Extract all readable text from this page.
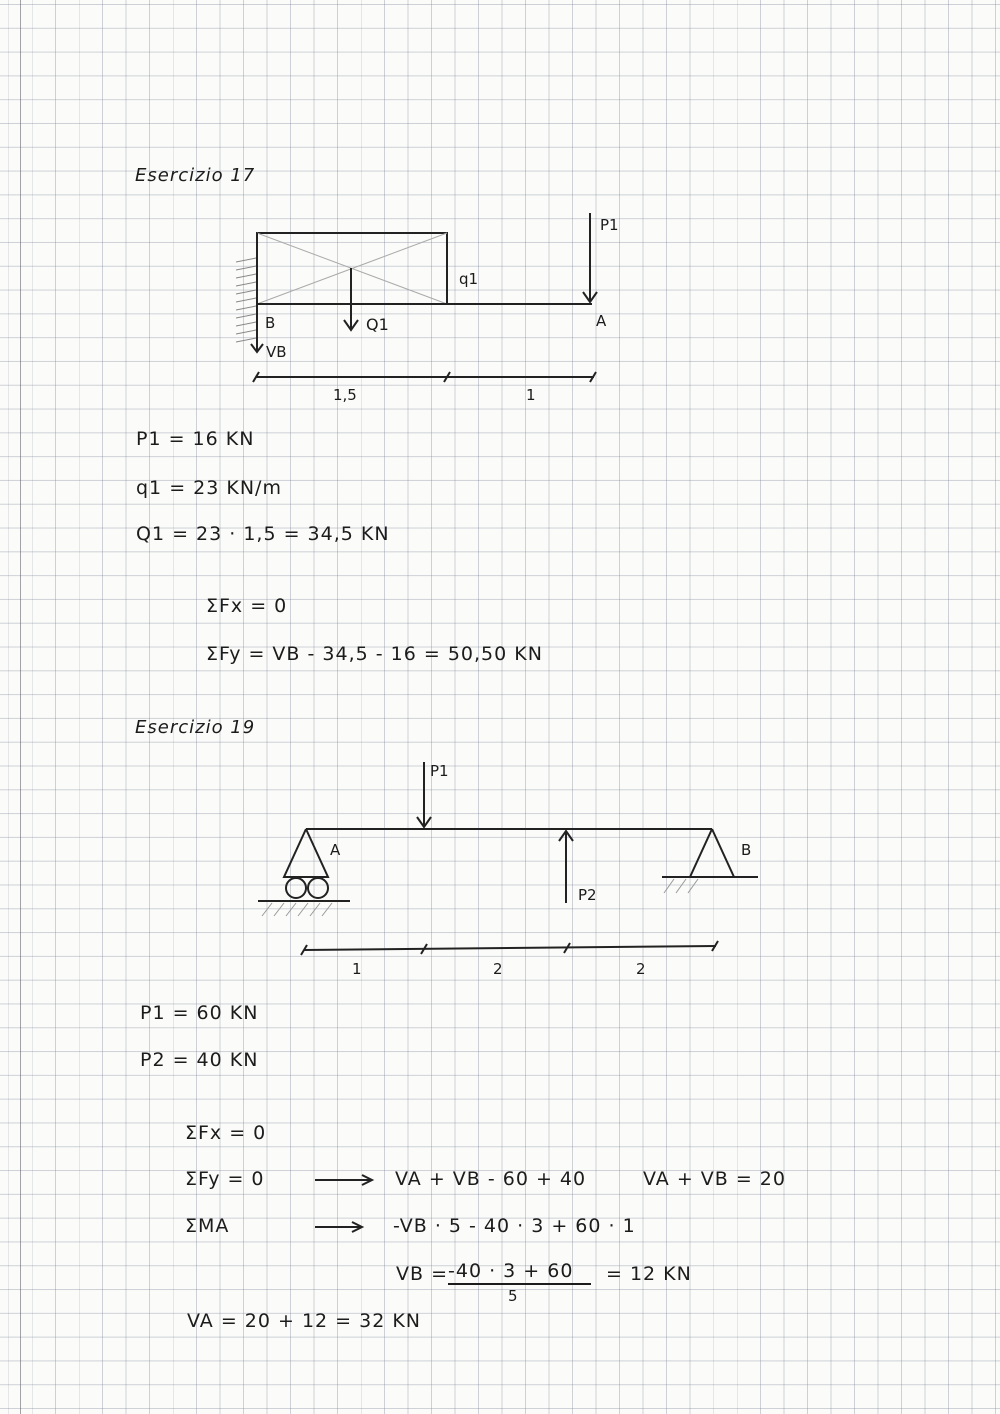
Esercizio 17
P1
q1
Q1
B	A
VB
1,5	1
P1 = 16 KN
q1 = 23 KN/m
Q1 = 23 · 1,5 = 34,5 KN
ΣFx = 0
ΣFy = VB - 34,5 - 16 = 50,50 KN
Esercizio 19
P1
P2
A	B
1	2	2
P1 = 60 KN
P2 = 40 KN
ΣFx = 0
ΣFy = 0	VA + VB - 60 + 40	VA + VB = 20
ΣMA	-VB · 5 - 40 · 3 + 60 · 1
VB = -40 · 3 + 60
5
= 12 KN
VA = 20 + 12 = 32 KN
